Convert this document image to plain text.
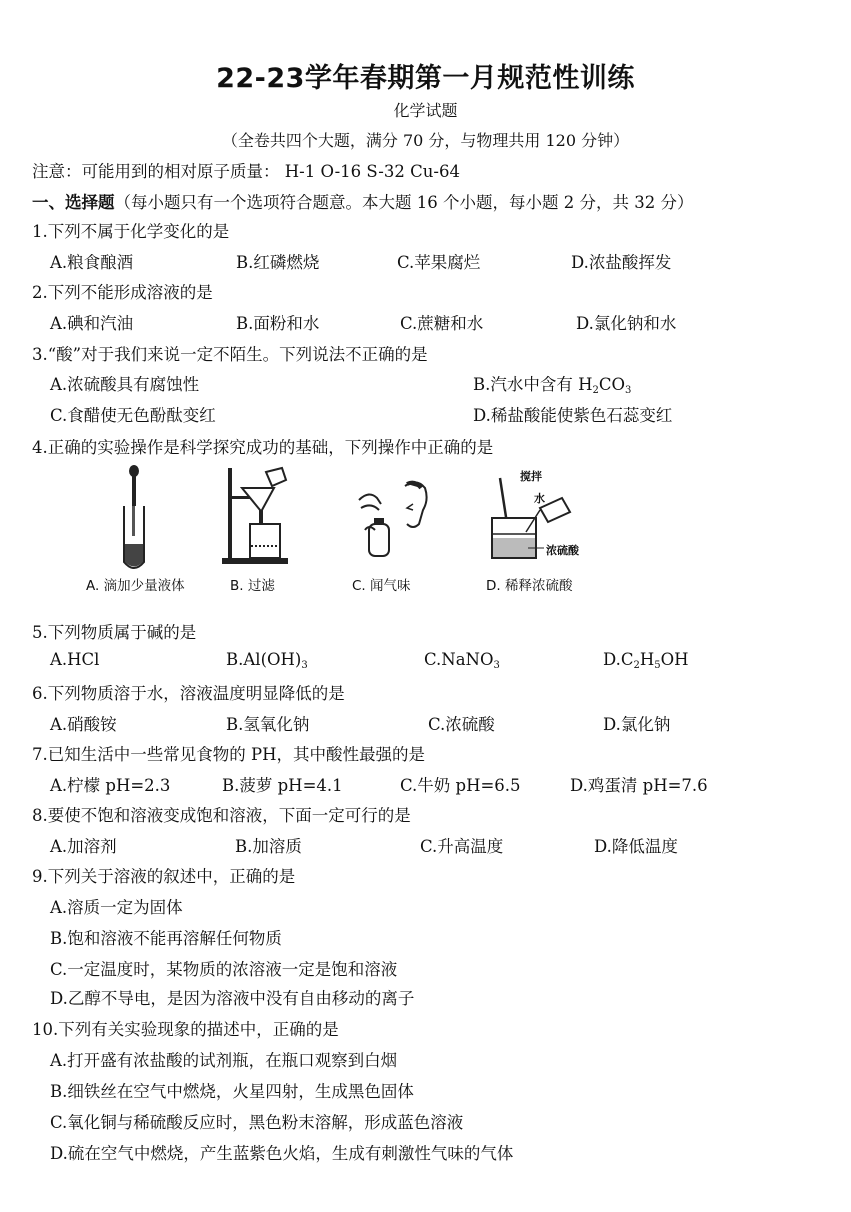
22-23学年春期第一月规范性训练
化学试题
（全卷共四个大题，满分 70 分，与物理共用 120 分钟）
注意：可能用到的相对原子质量： H-1 O-16 S-32 Cu-64
一、选择题（每小题只有一个选项符合题意。本大题 16 个小题，每小题 2 分，共 32 分）
1.下列不属于化学变化的是
A.粮食酿酒	B.红磷燃烧	C.苹果腐烂	D.浓盐酸挥发
2.下列不能形成溶液的是
A.碘和汽油	B.面粉和水	C.蔗糖和水	D.氯化钠和水
3.“酸”对于我们来说一定不陌生。下列说法不正确的是
A.浓硫酸具有腐蚀性	B.汽水中含有 $H_2CO_3$
C.食醋使无色酚酞变红	D.稀盐酸能使紫色石蕊变红
4.正确的实验操作是科学探究成功的基础，下列操作中正确的是
A. 滴加少量液体	B. 过滤	C. 闻气味
搅拌
水
浓硫酸
D. 稀释浓硫酸
5.下列物质属于碱的是
A.HCl	$B.Al(OH)_3$	C.NaNO$_3$	$D.C_2H_5OH$
6.下列物质溶于水，溶液温度明显降低的是
A.硝酸铵	B.氢氧化钠	C.浓硫酸	D.氯化钠
7.已知生活中一些常见食物的 PH，其中酸性最强的是
A.柠檬 pH=2.3	B.菠萝 pH=4.1	C.牛奶 pH=6.5	D.鸡蛋清 pH=7.6
8.要使不饱和溶液变成饱和溶液，下面一定可行的是
A.加溶剂	B.加溶质	C.升高温度	D.降低温度
9.下列关于溶液的叙述中，正确的是
A.溶质一定为固体
B.饱和溶液不能再溶解任何物质
C.一定温度时，某物质的浓溶液一定是饱和溶液
D.乙醇不导电，是因为溶液中没有自由移动的离子
10.下列有关实验现象的描述中，正确的是
A.打开盛有浓盐酸的试剂瓶，在瓶口观察到白烟
B.细铁丝在空气中燃烧，火星四射，生成黑色固体
C.氧化铜与稀硫酸反应时，黑色粉末溶解，形成蓝色溶液
D.硫在空气中燃烧，产生蓝紫色火焰，生成有刺激性气味的气体
